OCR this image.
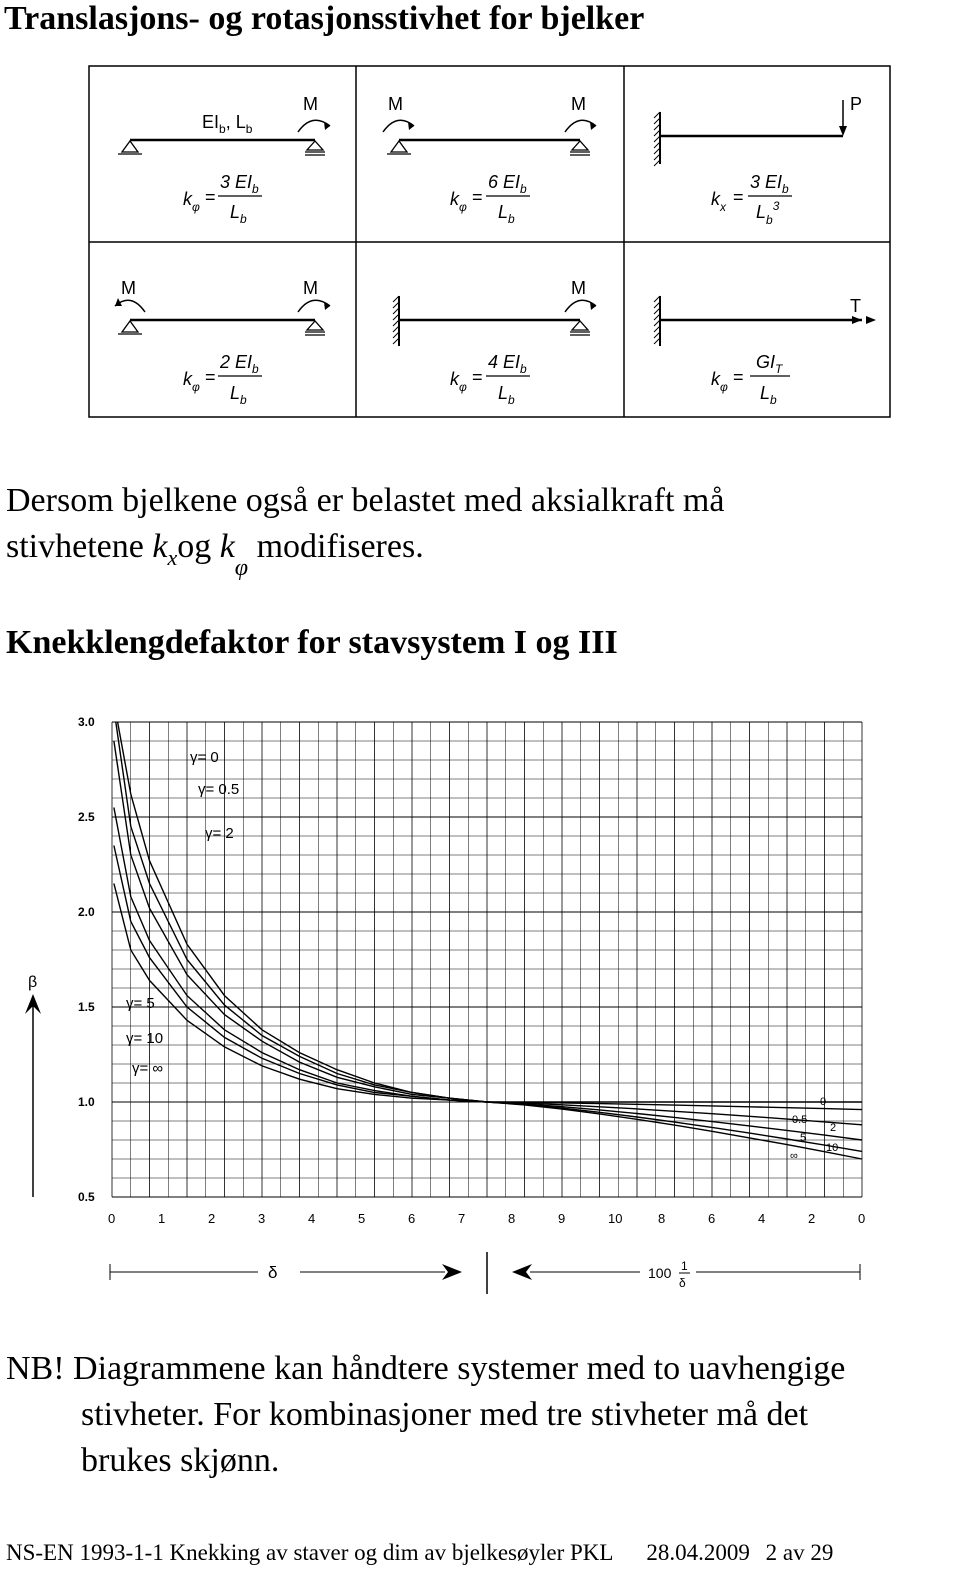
Translasjons- og rotasjonsstivhet for bjelker
$EI_b$, $L_b$
M
$k_\varphi$ =
3 $EI_b$
$L_b$
M	M
$k_\varphi$ =
6 $EI_b$
$L_b$
P
$k_x$ =
3 $EI_b$
$L_b^3$
M	M
$k_\varphi$ =
2 $EI_b$
$L_b$
M
$k_\varphi$ =
4 $EI_b$
$L_b$
T
$k_\varphi$ =
$GI_T$
$L_b$
Dersom bjelkene også er belastet med aksialkraft må
stivhetene $k_xog$ $k_\varphi$ modifiseres.
Knekklengdefaktor for stavsystem I og III
3.0
2.5
2.0
1.5
1.0
0.5
0	1	2	3	4	5	6	7	8	9	10	8	6	4	2	0
β
δ	100 1
δ
γ= 0
γ= 0.5
γ= 2
γ= 5
γ= 10
γ= ∞
0
0.5
2
5
10
∞
NB! Diagrammene kan håndtere systemer med to uavhengige
stivheter. For kombinasjoner med tre stivheter må det
brukes skjønn.
NS-EN 1993-1-1 Knekking av staver og dim av bjelkesøyler PKL 28.04.2009 2 av 29
